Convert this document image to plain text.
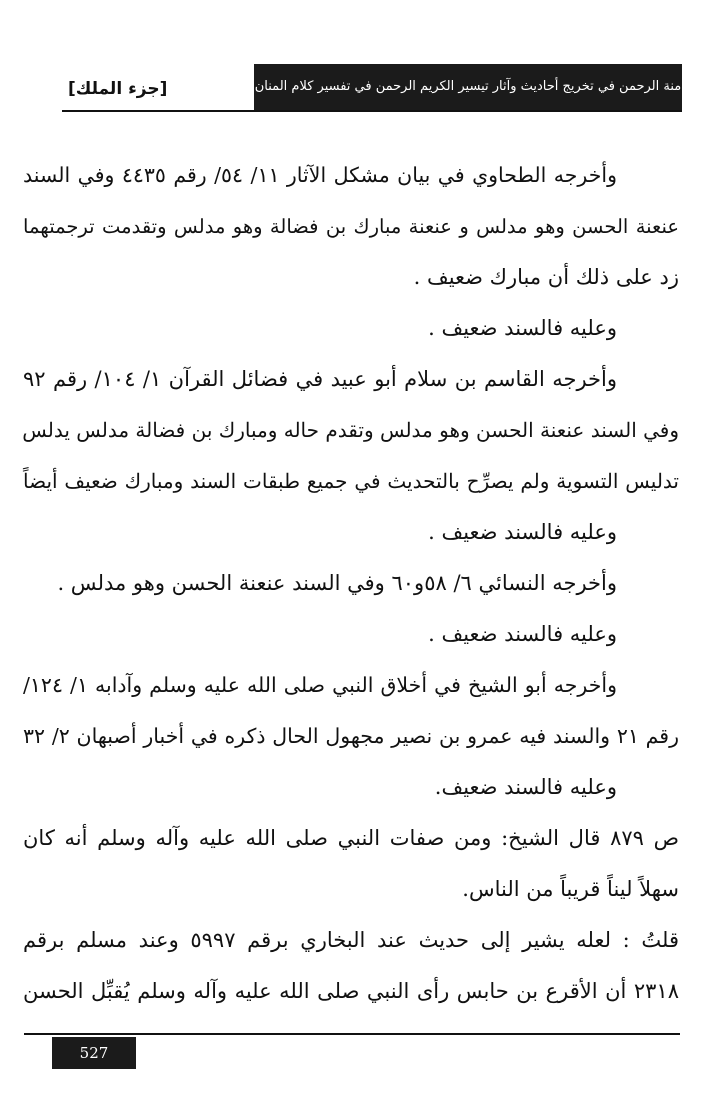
منة الرحمن في تخريج أحاديث وآثار تيسير الكريم الرحمن في تفسير كلام المنان
[جزء الملك]
وأخرجه الطحاوي في بيان مشكل الآثار ١١/ ٥٤/ رقم ٤٤٣٥ وفي السند
عنعنة الحسن وهو مدلس و عنعنة مبارك بن فضالة وهو مدلس وتقدمت ترجمتهما
زد على ذلك أن مبارك ضعيف .
وعليه فالسند ضعيف .
وأخرجه القاسم بن سلام أبو عبيد في فضائل القرآن ١/ ١٠٤/ رقم ٩٢
وفي السند عنعنة الحسن وهو مدلس وتقدم حاله ومبارك بن فضالة مدلس يدلس
تدليس التسوية ولم يصرِّح بالتحديث في جميع طبقات السند ومبارك ضعيف أيضاً
وعليه فالسند ضعيف .
وأخرجه النسائي ٦/ ٥٨و٦٠ وفي السند عنعنة الحسن وهو مدلس .
وعليه فالسند ضعيف .
وأخرجه أبو الشيخ في أخلاق النبي صلى الله عليه وسلم وآدابه ١/ ١٢٤/
رقم ٢١ والسند فيه عمرو بن نصير مجهول الحال ذكره في أخبار أصبهان ٢/ ٣٢
وعليه فالسند ضعيف.
ص ٨٧٩ قال الشيخ: ومن صفات النبي صلى الله عليه وآله وسلم أنه كان
سهلاً ليناً قريباً من الناس.
قلتُ : لعله يشير إلى حديث عند البخاري برقم ٥٩٩٧ وعند مسلم برقم
٢٣١٨ أن الأقرع بن حابس رأى النبي صلى الله عليه وآله وسلم يُقبِّل الحسن
527
